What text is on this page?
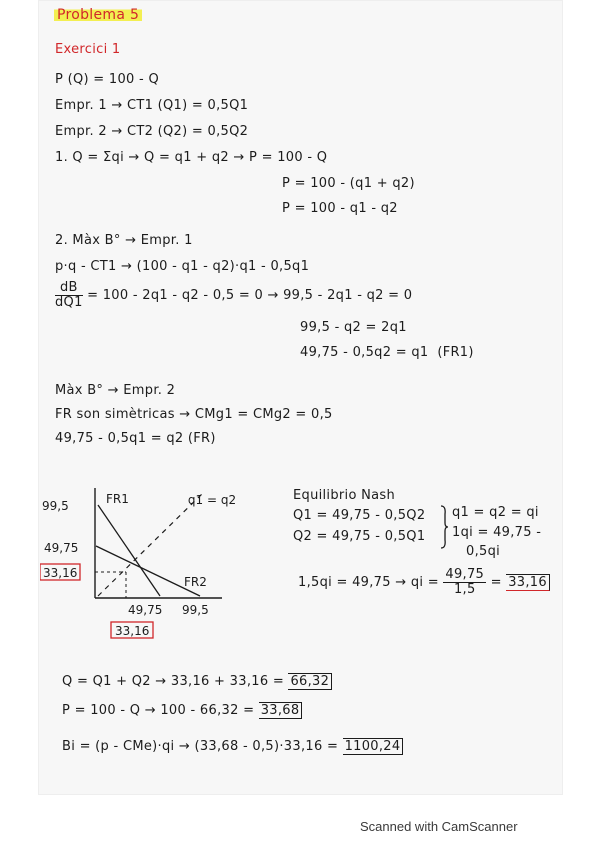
Problema 5
Exercici 1
P (Q) = 100 - Q
Empr. 1 → CT1 (Q1) = 0,5Q1
Empr. 2 → CT2 (Q2) = 0,5Q2
1. Q = Σqi → Q = q1 + q2 → P = 100 - Q
P = 100 - (q1 + q2)
P = 100 - q1 - q2
2. Màx B° → Empr. 1
p·q - CT1 → (100 - q1 - q2)·q1 - 0,5q1
$\frac{dB}{dQ1} = 100 - 2q1 - q2 - 0,5 = 0 \to 99,5 - 2q1 - q2 = 0$
99,5 - q2 = 2q1
49,75 - 0,5q2 = q1 (FR1)
Màx B° → Empr. 2
FR son simètricas → CMg1 = CMg2 = 0,5
49,75 - 0,5q1 = q2 (FR)
99,5
49,75
33,16
FR1
FR2
q1 = q2
49,75 99,5
33,16
Equilibrio Nash
Q1 = 49,75 - 0,5Q2
Q2 = 49,75 - 0,5Q1
q1 = q2 = qi
1qi = 49,75 -
0,5qi
1,5qi = 49,75 → qi = $\frac{49,75}{1,5} = 33,16$
Q = Q1 + Q2 → 33,16 + 33,16 = 66,32
P = 100 - Q → 100 - 66,32 = 33,68
Bi = (p - CMe)·qi → (33,68 - 0,5)·33,16 = 1100,24
Scanned with CamScanner
